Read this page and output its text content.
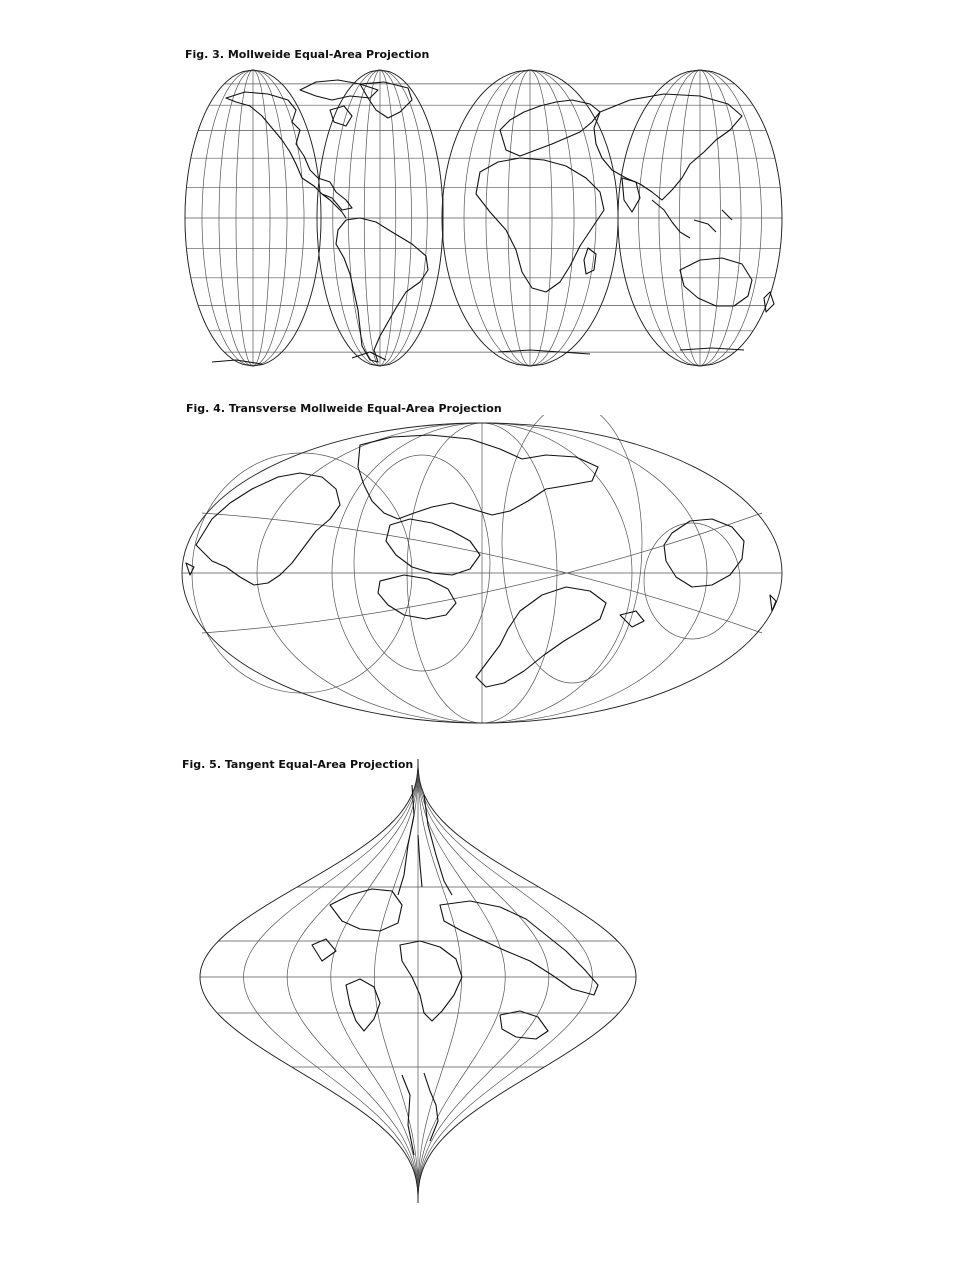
Fig. 3. Mollweide Equal-Area Projection
Fig. 4. Transverse Mollweide Equal-Area Projection
Fig. 5. Tangent Equal-Area Projection
